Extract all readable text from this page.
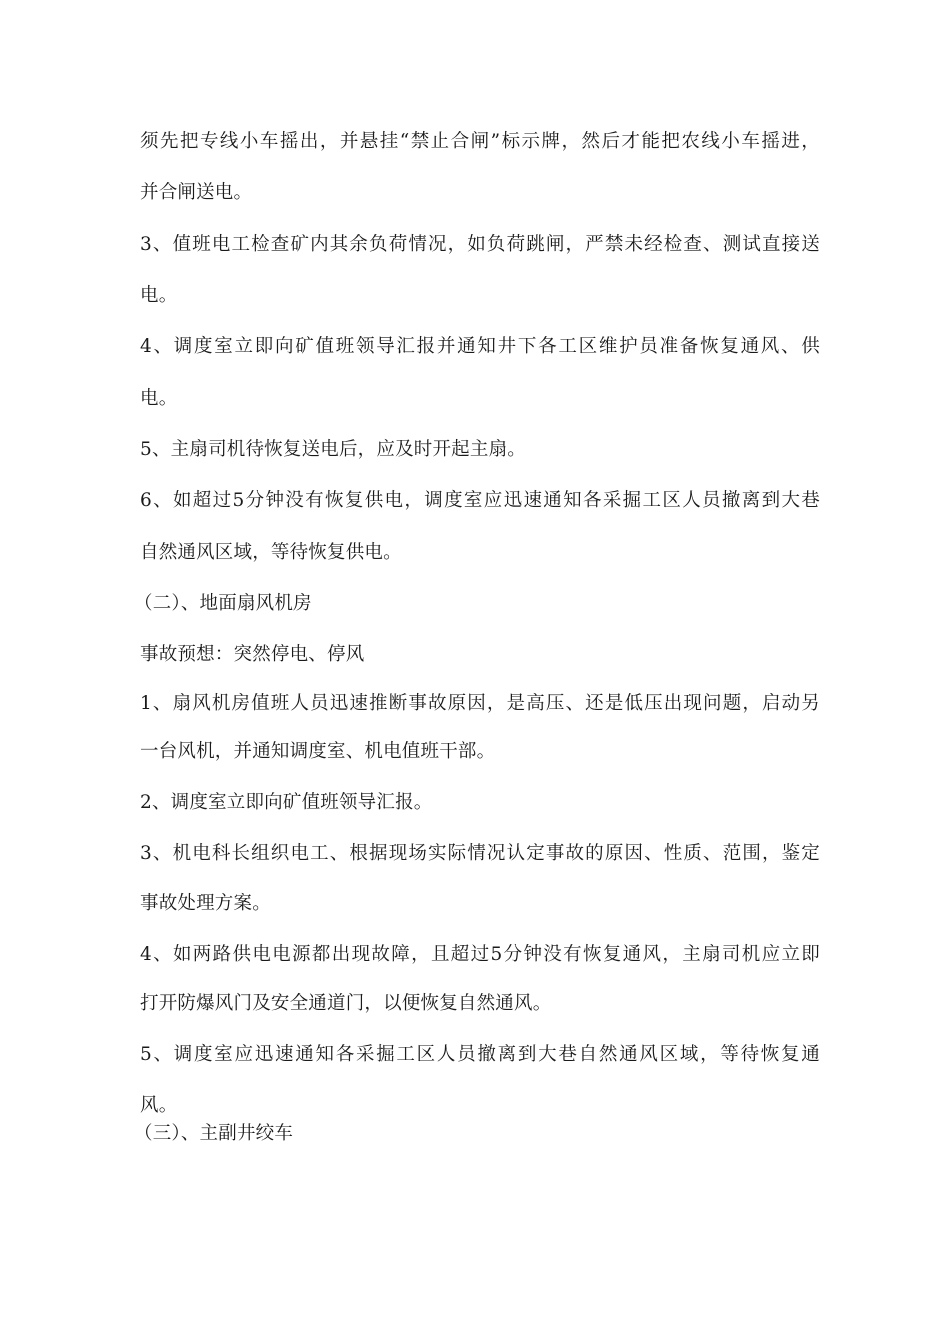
须先把专线小车摇出，并悬挂“禁止合闸”标示牌，然后才能把农线小车摇进，
并合闸送电。
3、值班电工检查矿内其余负荷情况，如负荷跳闸，严禁未经检查、测试直接送
电。
4、调度室立即向矿值班领导汇报并通知井下各工区维护员准备恢复通风、供
电。
5、主扇司机待恢复送电后，应及时开起主扇。
6、如超过5分钟没有恢复供电，调度室应迅速通知各采掘工区人员撤离到大巷
自然通风区域，等待恢复供电。
（二）、地面扇风机房
事故预想：突然停电、停风
1、扇风机房值班人员迅速推断事故原因，是高压、还是低压出现问题，启动另
一台风机，并通知调度室、机电值班干部。
2、调度室立即向矿值班领导汇报。
3、机电科长组织电工、根据现场实际情况认定事故的原因、性质、范围，鉴定
事故处理方案。
4、如两路供电电源都出现故障，且超过5分钟没有恢复通风，主扇司机应立即
打开防爆风门及安全通道门，以便恢复自然通风。
5、调度室应迅速通知各采掘工区人员撤离到大巷自然通风区域，等待恢复通
风。
（三）、主副井绞车
